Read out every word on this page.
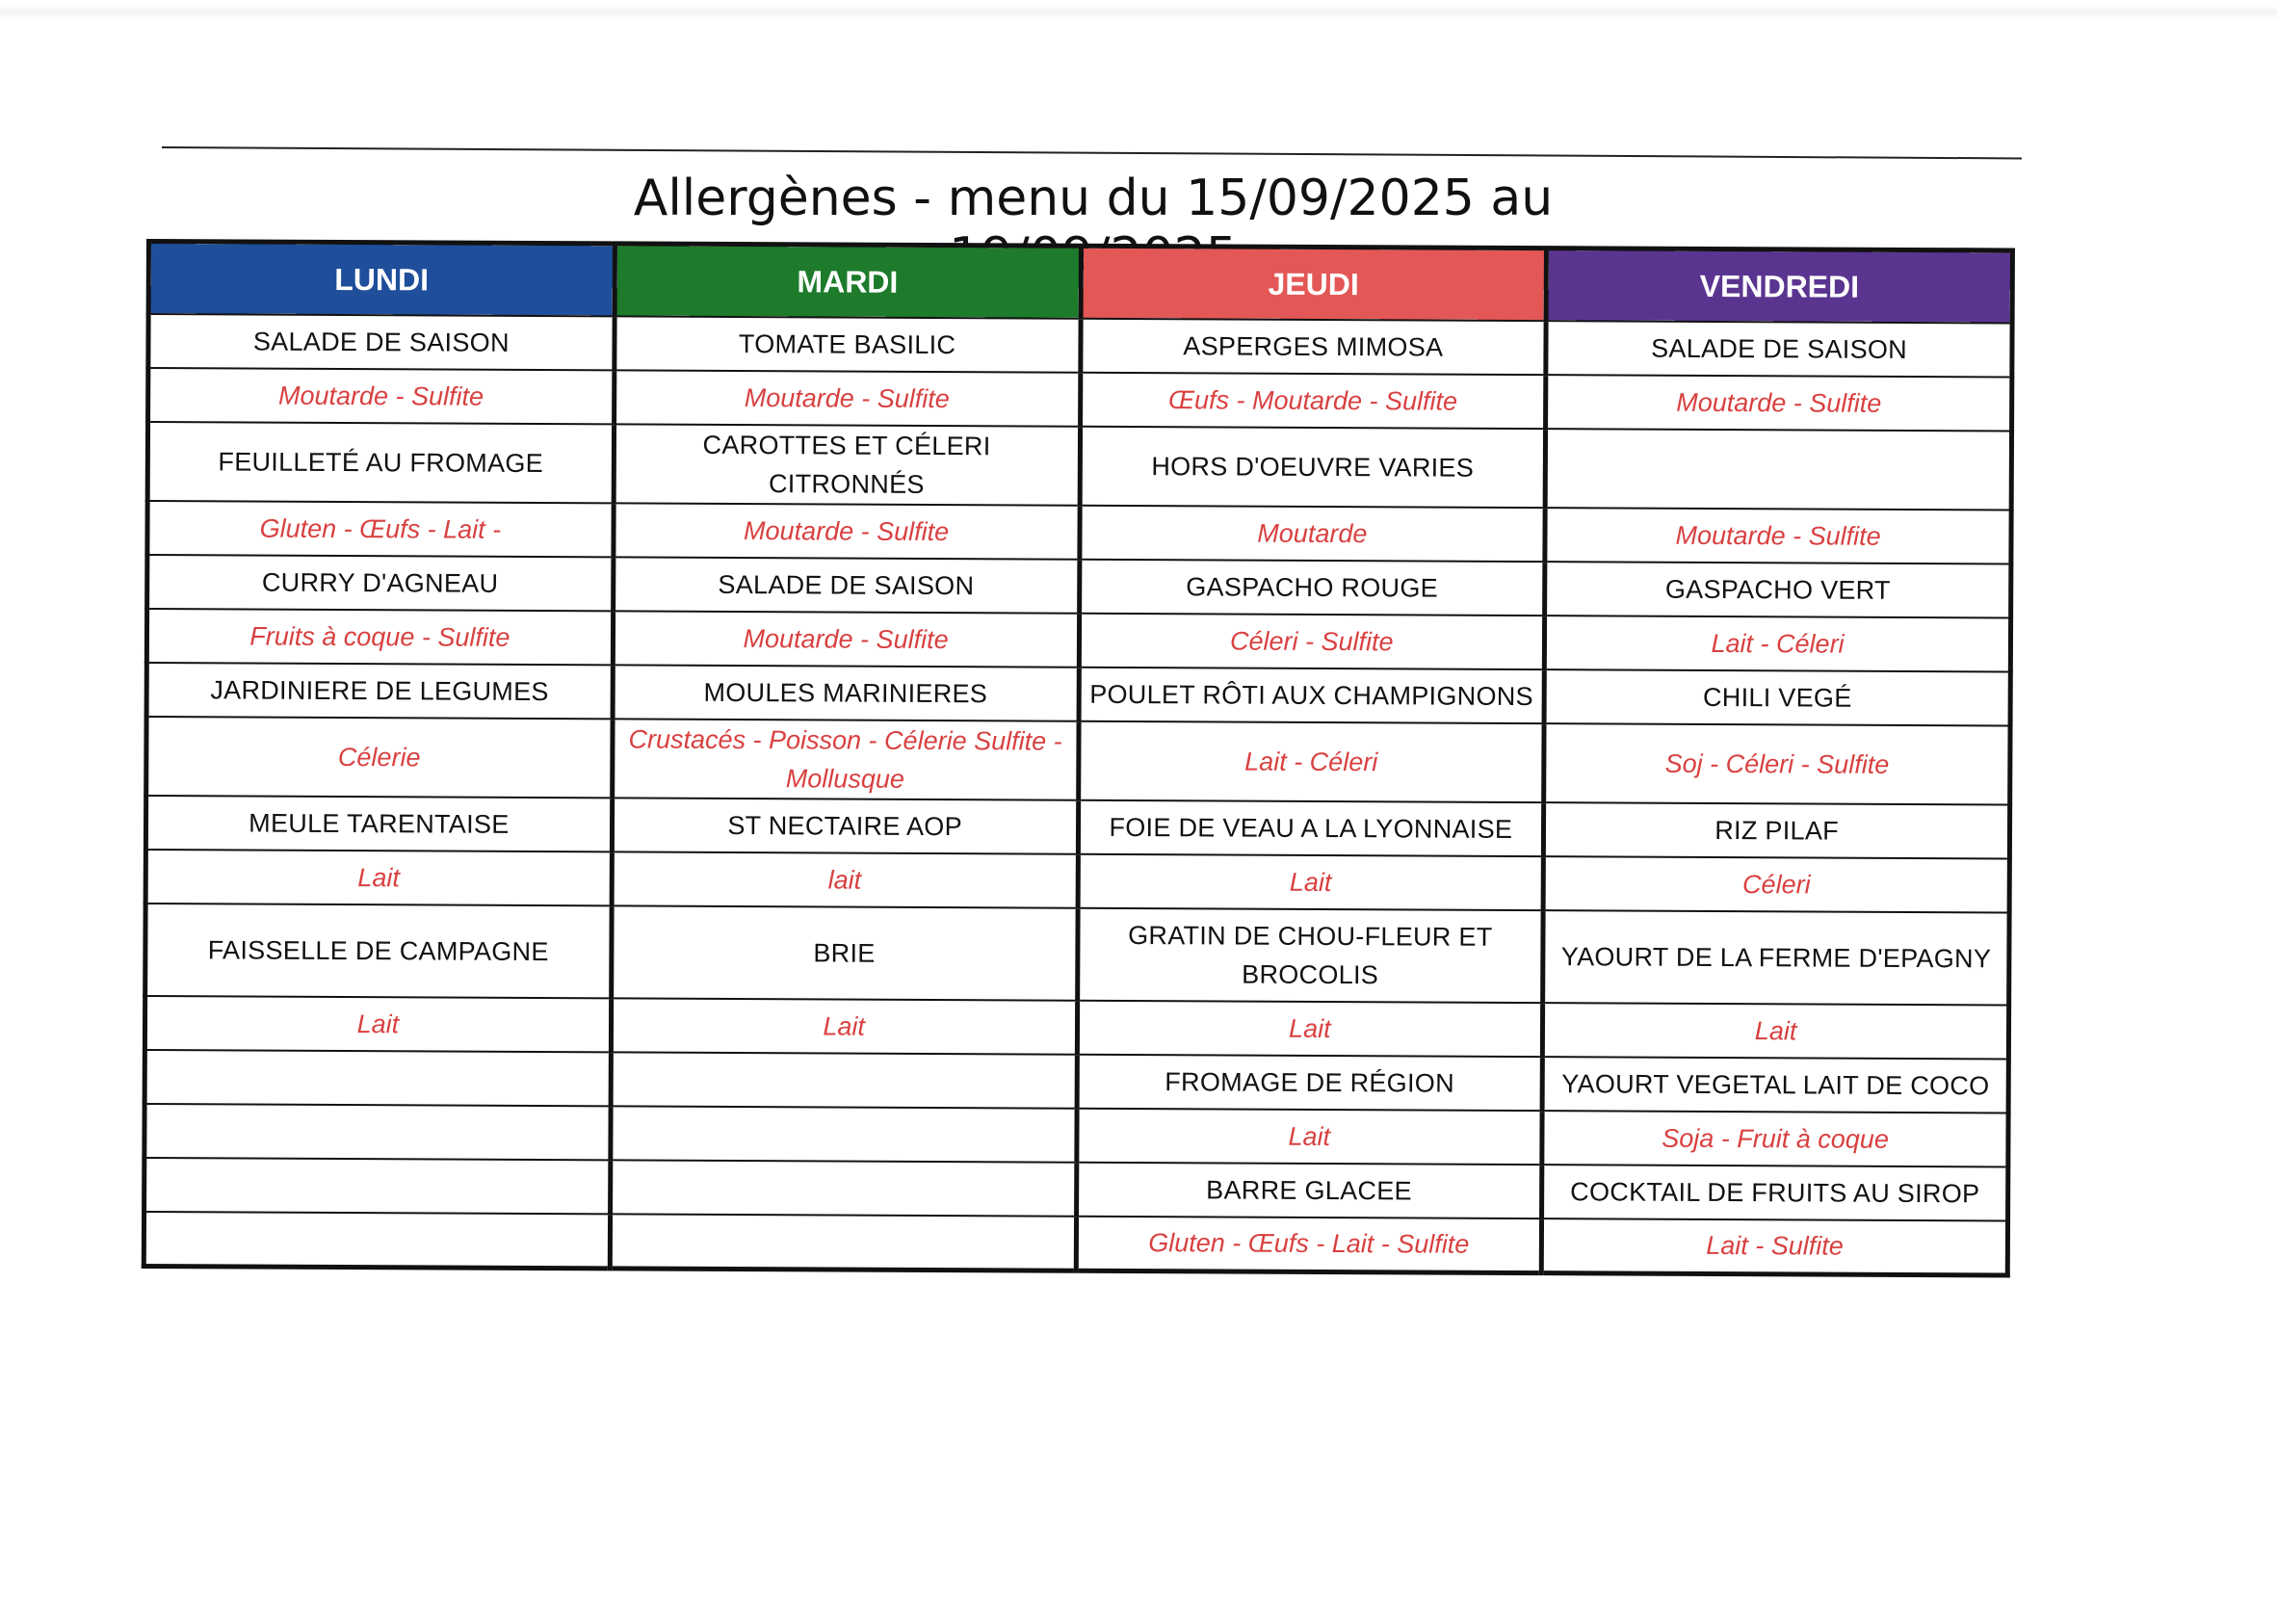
Allergènes - menu du 15/09/2025 au
LUNDI	MARDI	JEUDI	VENDREDI
SALADE DE SAISON	TOMATE BASILIC	ASPERGES MIMOSA	SALADE DE SAISON
Moutarde - Sulfite	Moutarde - Sulfite	Œufs - Moutarde - Sulfite	Moutarde - Sulfite
FEUILLETÉ AU FROMAGE	CAROTTES ET CÉLERI CITRONNÉS	HORS D'OEUVRE VARIES	
Gluten - Œufs - Lait -	Moutarde - Sulfite	Moutarde	Moutarde - Sulfite
CURRY D'AGNEAU	SALADE DE SAISON	GASPACHO ROUGE	GASPACHO VERT
Fruits à coque - Sulfite	Moutarde - Sulfite	Céleri - Sulfite	Lait - Céleri
JARDINIERE DE LEGUMES	MOULES MARINIERES	POULET RÔTI AUX CHAMPIGNONS	CHILI VEGÉ
Célerie	Crustacés - Poisson - Célerie Sulfite - Mollusque	Lait - Céleri	Soj - Céleri - Sulfite
MEULE TARENTAISE	ST NECTAIRE AOP	FOIE DE VEAU A LA LYONNAISE	RIZ PILAF
Lait	lait	Lait	Céleri
FAISSELLE DE CAMPAGNE	BRIE	GRATIN DE CHOU-FLEUR ET BROCOLIS	YAOURT DE LA FERME D'EPAGNY
Lait	Lait	Lait	Lait
		FROMAGE DE RÉGION	YAOURT VEGETAL LAIT DE COCO
		Lait	Soja - Fruit à coque
		BARRE GLACEE	COCKTAIL DE FRUITS AU SIROP
		Gluten - Œufs - Lait - Sulfite	Lait - Sulfite
